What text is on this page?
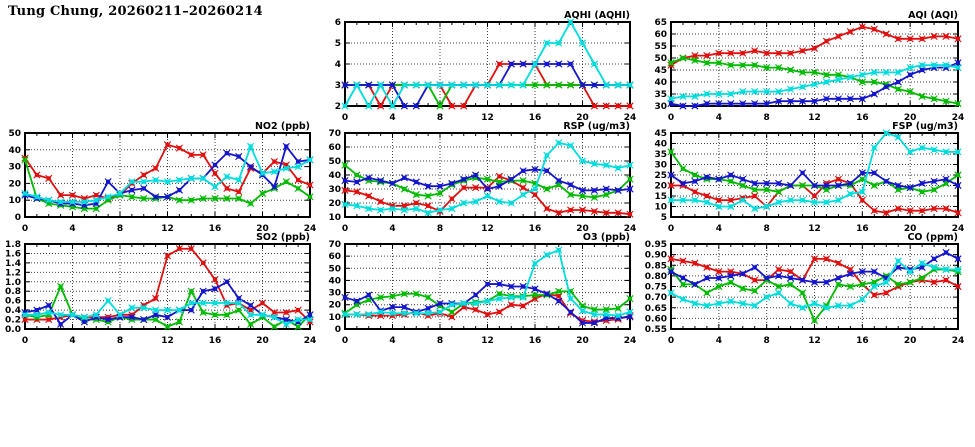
Tung Chung, 20260211–20260214
2
3
4
5
6
0	4	8	12	16	20	24
AQHI (AQHI)
30
35
40
45
50
55
60
65
0	4	8	12	16	20	24
AQI (AQI)
0
10
20
30
40
50
0	4	8	12	16	20	24
NO2 (ppb)
10
20
30
40
50
60
70
0	4	8	12	16	20	24
RSP (ug/m3)
5
10
15
20
25
30
35
40
45
0	4	8	12	16	20	24
FSP (ug/m3)
0.0
0.2
0.4
0.6
0.8
1.0
1.2
1.4
1.6
1.8
0	4	8	12	16	20	24
SO2 (ppb)
0
10
20
30
40
50
60
70
0	4	8	12	16	20	24
O3 (ppb)
0.55
0.60
0.65
0.70
0.75
0.80
0.85
0.90
0.95
0	4	8	12	16	20	24
CO (ppm)
